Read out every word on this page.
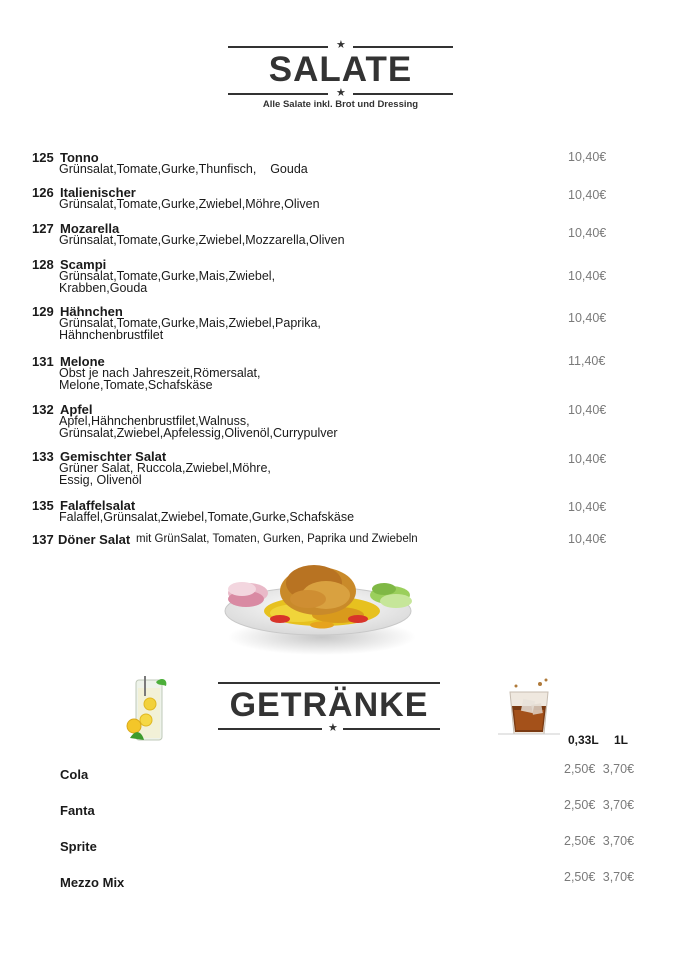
★
SALATE
★
Alle Salate inkl. Brot und Dressing
125 Tonno
Grünsalat,Tomate,Gurke,Thunfisch,    Gouda
10,40€
126 Italienischer
Grünsalat,Tomate,Gurke,Zwiebel,Möhre,Oliven
10,40€
127 Mozarella
Grünsalat,Tomate,Gurke,Zwiebel,Mozzarella,Oliven	10,40€
128 Scampi
Grünsalat,Tomate,Gurke,Mais,Zwiebel,
Krabben,Gouda
10,40€
129 Hähnchen
Grünsalat,Tomate,Gurke,Mais,Zwiebel,Paprika,
Hähnchenbrustfilet
10,40€
131 Melone
Obst je nach Jahreszeit,Römersalat,
Melone,Tomate,Schafskäse
11,40€
132 Apfel
Apfel,Hähnchenbrustfilet,Walnuss,
Grünsalat,Zwiebel,Apfelessig,Olivenöl,Currypulver
10,40€
133 Gemischter Salat
Grüner Salat, Ruccola,Zwiebel,Möhre,
Essig, Olivenöl
10,40€
135 Falaffelsalat
Falaffel,Grünsalat,Zwiebel,Tomate,Gurke,Schafskäse
10,40€
137 Döner Salat mit GrünSalat, Tomaten, Gurken, Paprika und Zwiebeln	10,40€
GETRÄNKE
★
0,33L 1L
Cola	2,50€ 3,70€
Fanta	2,50€ 3,70€
Sprite	2,50€ 3,70€
Mezzo Mix	2,50€ 3,70€
